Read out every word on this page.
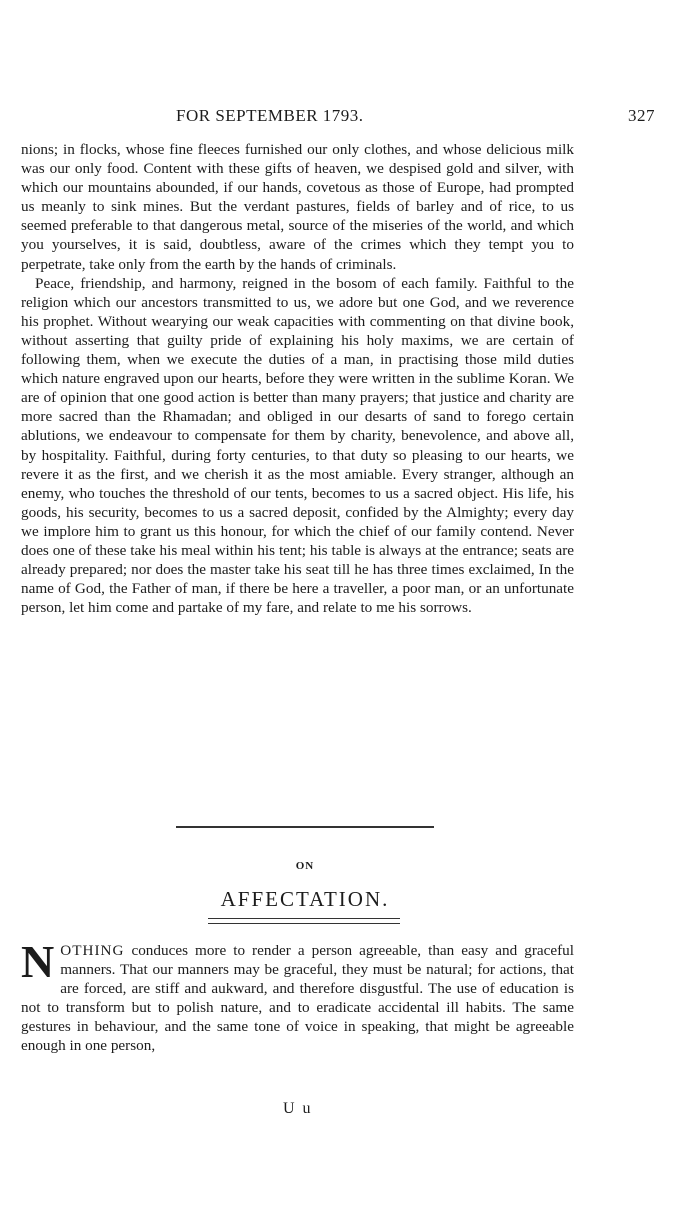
FOR SEPTEMBER 1793.	327

nions; in flocks, whose fine fleeces furnished our only clothes, and whose delicious milk was our only food. Content with these gifts of heaven, we despised gold and silver, with which our mountains abounded, if our hands, covetous as those of Europe, had prompted us meanly to sink mines. But the verdant pastures, fields of barley and of rice, to us seemed preferable to that dangerous metal, source of the miseries of the world, and which you yourselves, it is said, doubtless, aware of the crimes which they tempt you to perpetrate, take only from the earth by the hands of criminals.

Peace, friendship, and harmony, reigned in the bosom of each family. Faithful to the religion which our ancestors transmitted to us, we adore but one God, and we reverence his prophet. Without wearying our weak capacities with commenting on that divine book, without asserting that guilty pride of explaining his holy maxims, we are certain of following them, when we execute the duties of a man, in practising those mild duties which nature engraved upon our hearts, before they were written in the sublime Koran. We are of opinion that one good action is better than many prayers; that justice and charity are more sacred than the Rhamadan; and obliged in our desarts of sand to forego certain ablutions, we endeavour to compensate for them by charity, benevolence, and above all, by hospitality. Faithful, during forty centuries, to that duty so pleasing to our hearts, we revere it as the first, and we cherish it as the most amiable. Every stranger, although an enemy, who touches the threshold of our tents, becomes to us a sacred object. His life, his goods, his security, becomes to us a sacred deposit, confided by the Almighty; every day we implore him to grant us this honour, for which the chief of our family contend. Never does one of these take his meal within his tent; his table is always at the entrance; seats are already prepared; nor does the master take his seat till he has three times exclaimed, In the name of God, the Father of man, if there be here a traveller, a poor man, or an unfortunate person, let him come and partake of my fare, and relate to me his sorrows.

ON
AFFECTATION.
N OTHING conduces more to render a person agreeable, than easy and graceful manners. That our manners may be graceful, they must be natural; for actions, that are forced, are stiff and aukward, and therefore disgustful. The use of education is not to transform but to polish nature, and to eradicate accidental ill habits. The same gestures in behaviour, and the same tone of voice in speaking, that might be agreeable enough in one person,

U u
